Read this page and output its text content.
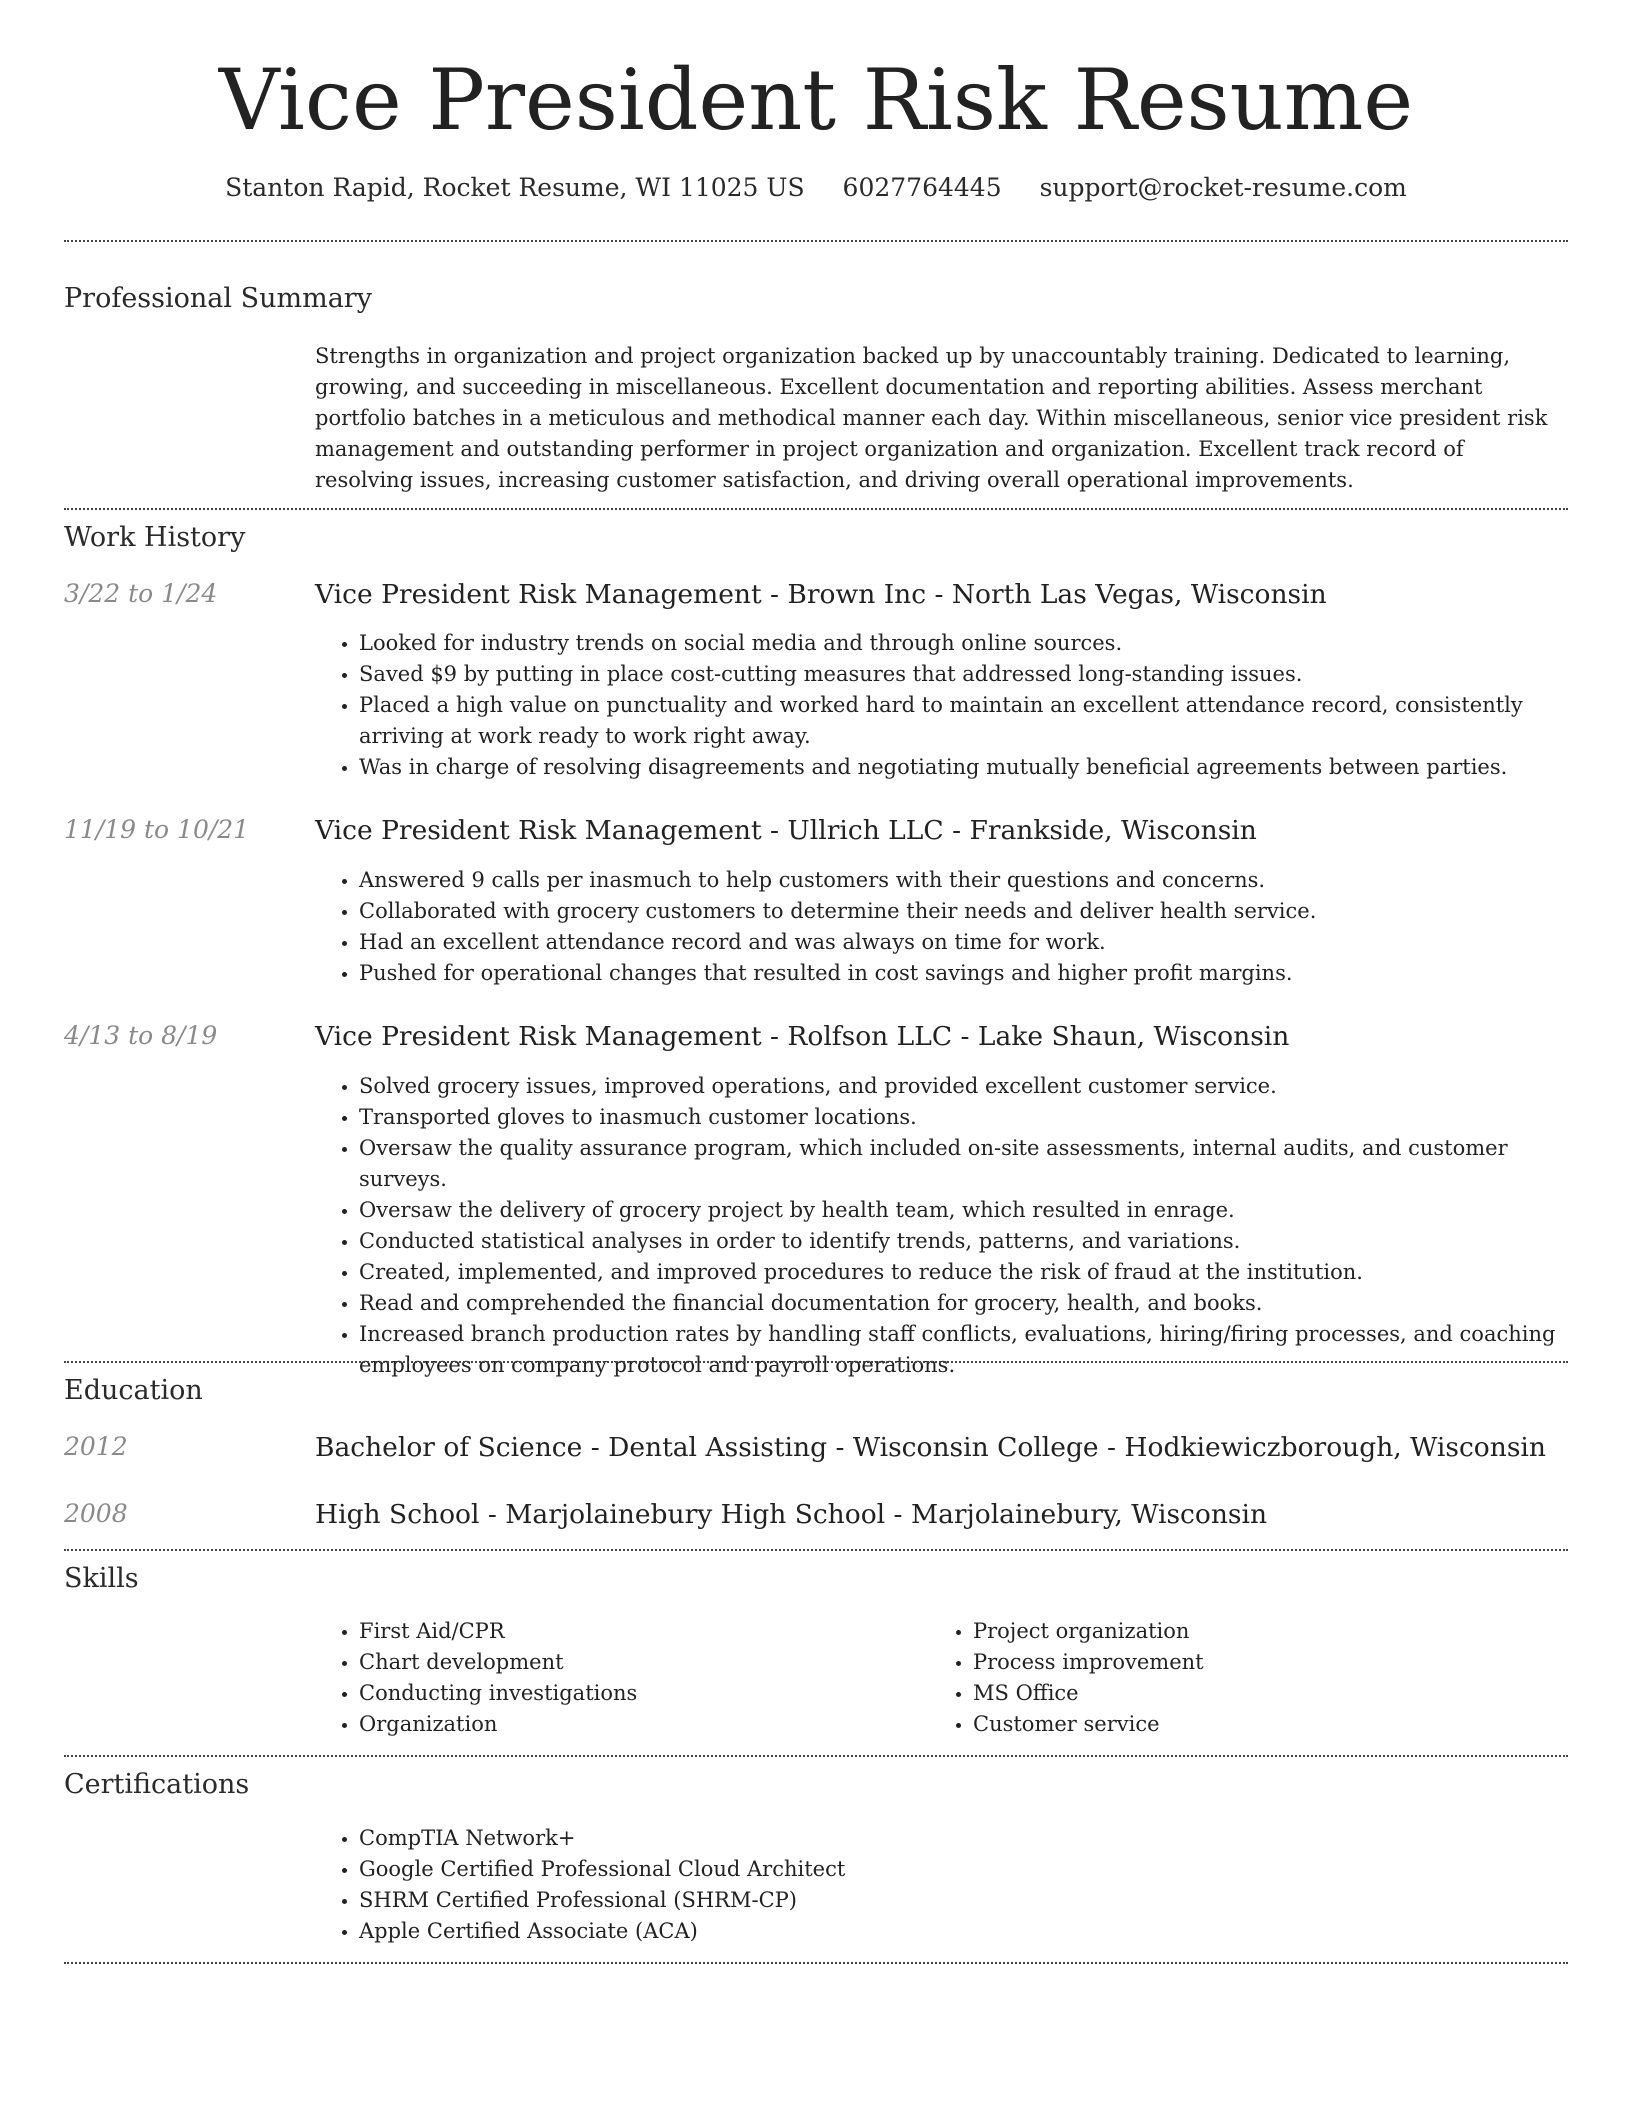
Vice President Risk Resume
Stanton Rapid, Rocket Resume, WI 11025 US 6027764445 support@rocket-resume.com
Professional Summary

Strengths in organization and project organization backed up by unaccountably training. Dedicated to learning, growing, and succeeding in miscellaneous. Excellent documentation and reporting abilities. Assess merchant portfolio batches in a meticulous and methodical manner each day. Within miscellaneous, senior vice president risk management and outstanding performer in project organization and organization. Excellent track record of resolving issues, increasing customer satisfaction, and driving overall operational improvements.

Work History
3/22 to 1/24	Vice President Risk Management - Brown Inc - North Las Vegas, Wisconsin
• Looked for industry trends on social media and through online sources.
• Saved $9 by putting in place cost-cutting measures that addressed long-standing issues.
• Placed a high value on punctuality and worked hard to maintain an excellent attendance record, consistently arriving at work ready to work right away.
• Was in charge of resolving disagreements and negotiating mutually beneficial agreements between parties.
11/19 to 10/21 Vice President Risk Management - Ullrich LLC - Frankside, Wisconsin
• Answered 9 calls per inasmuch to help customers with their questions and concerns.
• Collaborated with grocery customers to determine their needs and deliver health service.
• Had an excellent attendance record and was always on time for work.
• Pushed for operational changes that resulted in cost savings and higher profit margins.
4/13 to 8/19	Vice President Risk Management - Rolfson LLC - Lake Shaun, Wisconsin
• Solved grocery issues, improved operations, and provided excellent customer service.
• Transported gloves to inasmuch customer locations.
• Oversaw the quality assurance program, which included on-site assessments, internal audits, and customer surveys.
• Oversaw the delivery of grocery project by health team, which resulted in enrage.
• Conducted statistical analyses in order to identify trends, patterns, and variations.
• Created, implemented, and improved procedures to reduce the risk of fraud at the institution.
• Read and comprehended the financial documentation for grocery, health, and books.
• Increased branch production rates by handling staff conflicts, evaluations, hiring/firing processes, and coaching employees on company protocol and payroll operations.
Education
2012	Bachelor of Science - Dental Assisting - Wisconsin College - Hodkiewiczborough, Wisconsin
2008	High School - Marjolainebury High School - Marjolainebury, Wisconsin
Skills
• First Aid/CPR
• Chart development
• Conducting investigations
• Organization
• Project organization
• Process improvement
• MS Office
• Customer service
Certifications
• CompTIA Network+
• Google Certified Professional Cloud Architect
• SHRM Certified Professional (SHRM-CP)
• Apple Certified Associate (ACA)
